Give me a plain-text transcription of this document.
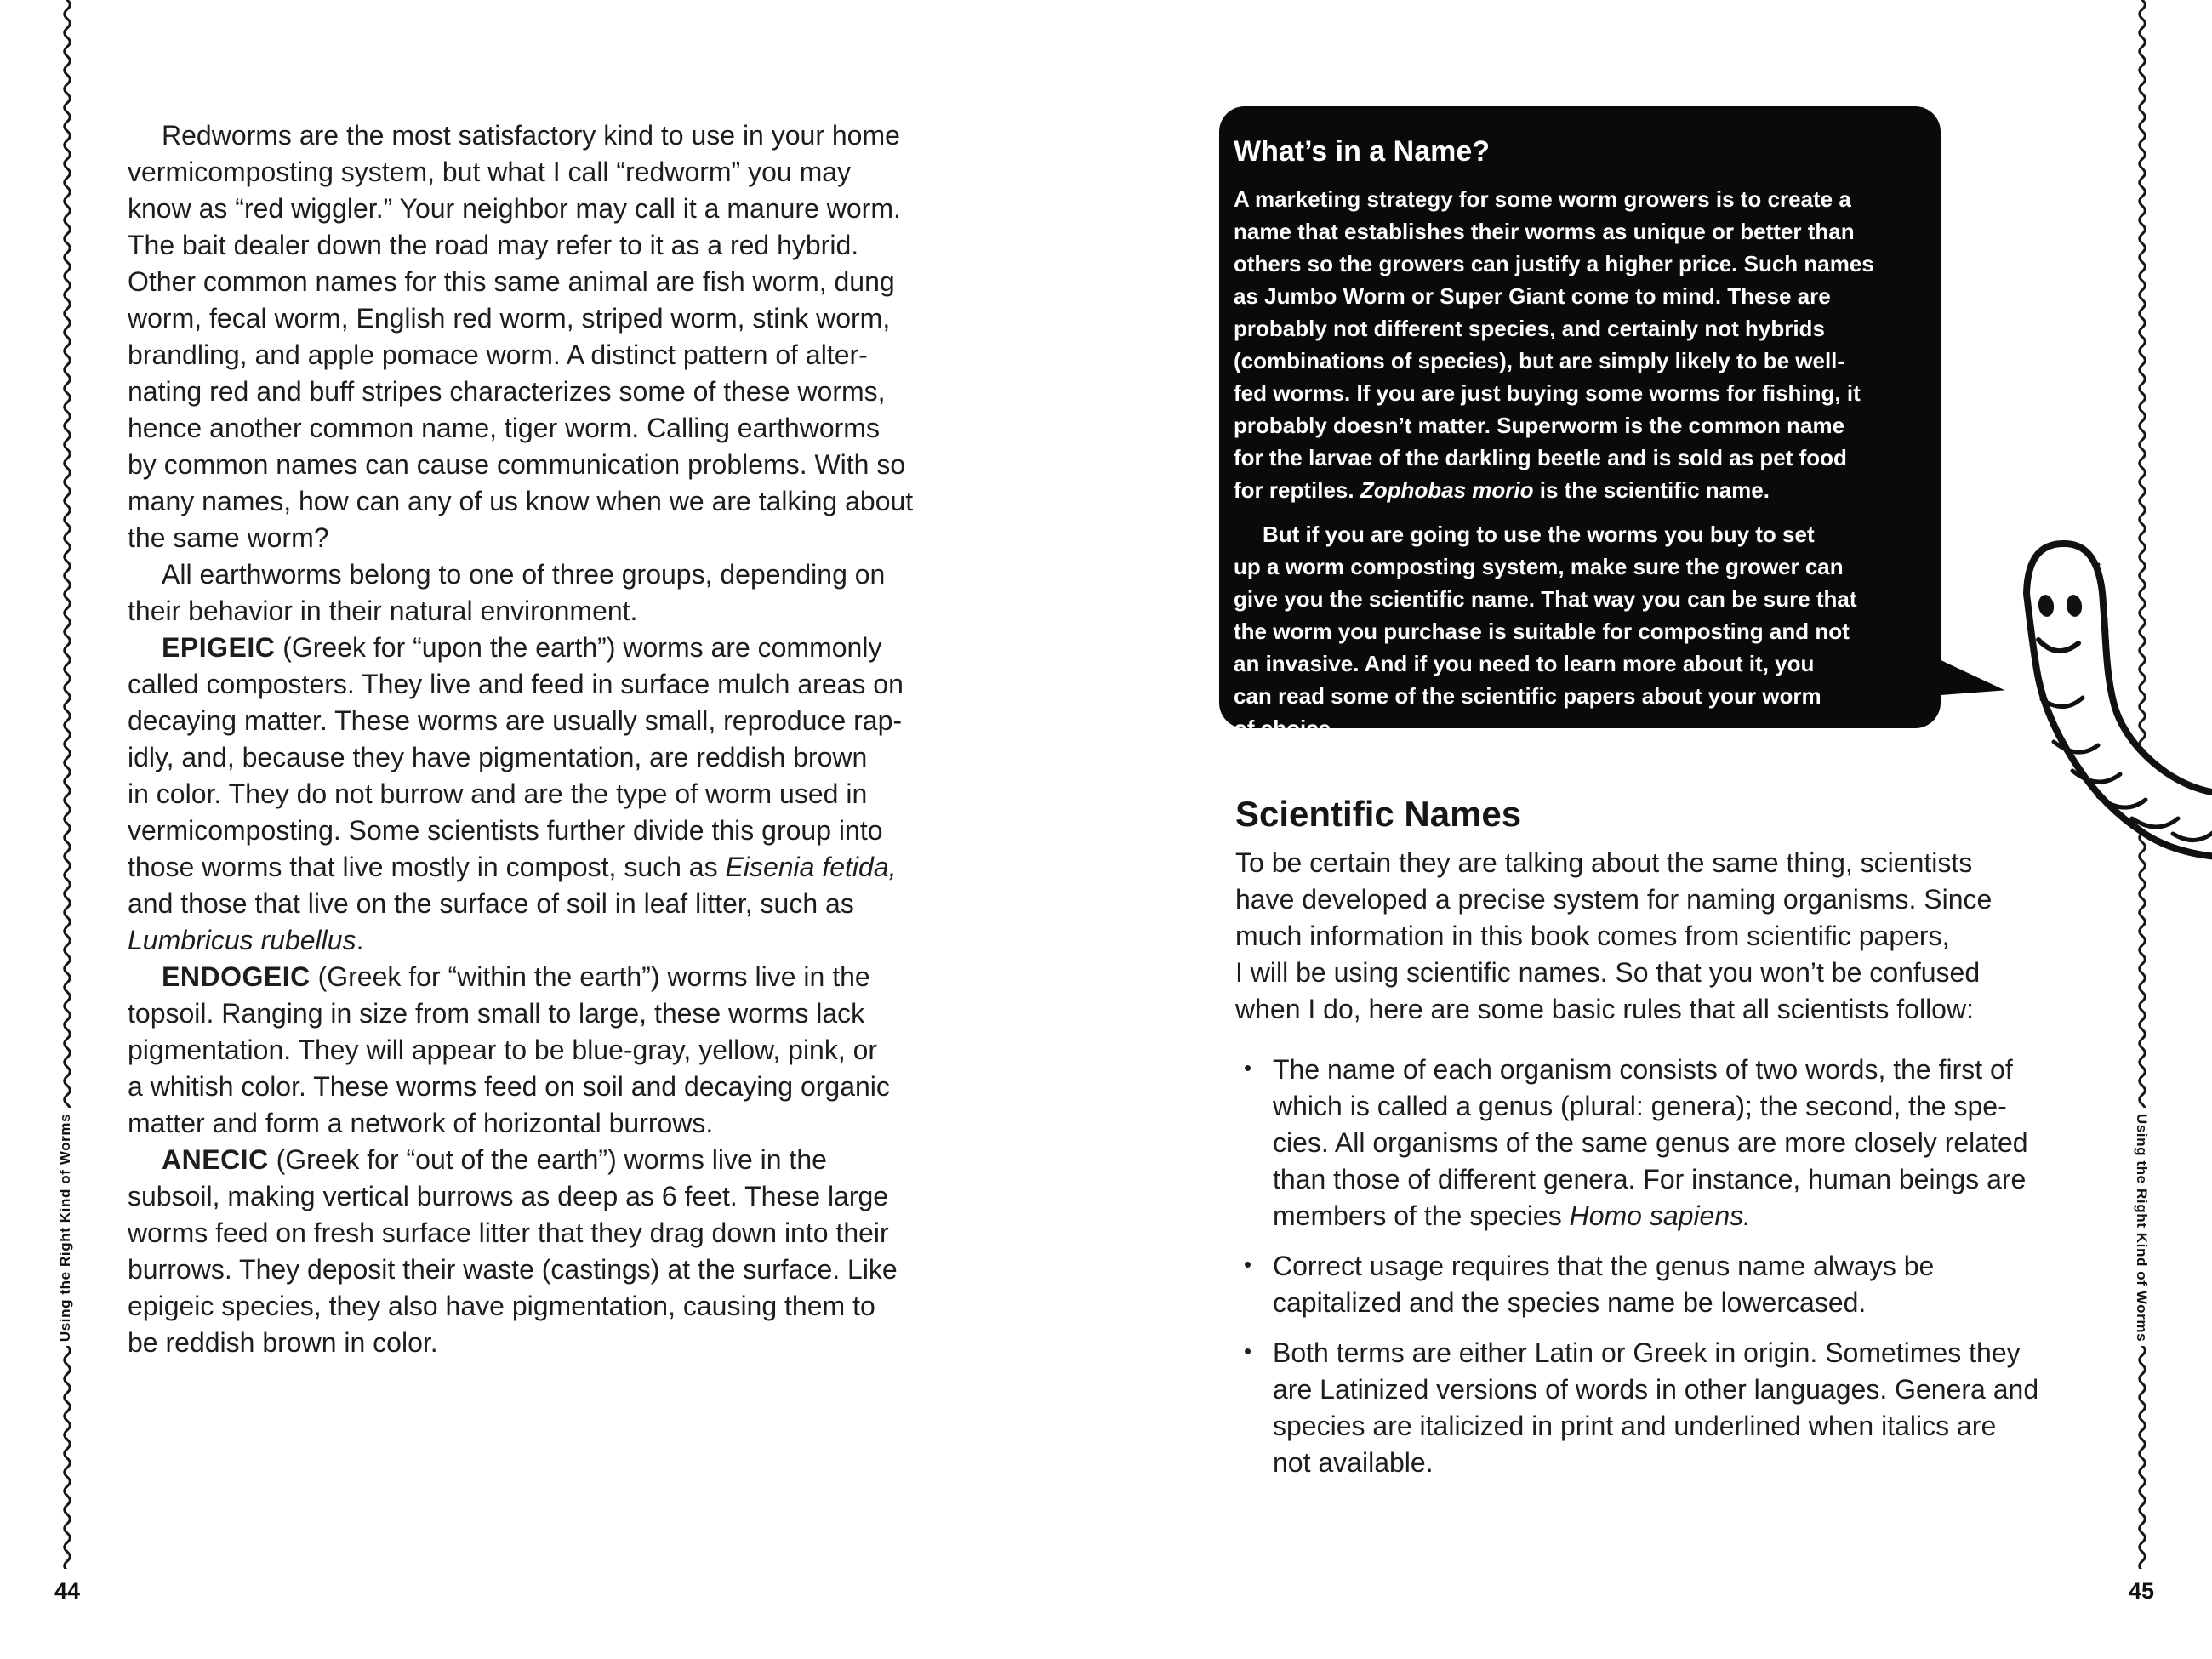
Using the Right Kind of Worms
44
Redworms are the most satisfactory kind to use in your home
vermicomposting system, but what I call “redworm” you may
know as “red wiggler.” Your neighbor may call it a manure worm.
The bait dealer down the road may refer to it as a red hybrid.
Other common names for this same animal are fish worm, dung
worm, fecal worm, English red worm, striped worm, stink worm,
brandling, and apple pomace worm. A distinct pattern of alter-
nating red and buff stripes characterizes some of these worms,
hence another common name, tiger worm. Calling earthworms
by common names can cause communication problems. With so
many names, how can any of us know when we are talking about
the same worm?
All earthworms belong to one of three groups, depending on
their behavior in their natural environment.
EPIGEIC (Greek for “upon the earth”) worms are commonly
called composters. They live and feed in surface mulch areas on
decaying matter. These worms are usually small, reproduce rap-
idly, and, because they have pigmentation, are reddish brown
in color. They do not burrow and are the type of worm used in
vermicomposting. Some scientists further divide this group into
those worms that live mostly in compost, such as Eisenia fetida,
and those that live on the surface of soil in leaf litter, such as
Lumbricus rubellus.
ENDOGEIC (Greek for “within the earth”) worms live in the
topsoil. Ranging in size from small to large, these worms lack
pigmentation. They will appear to be blue-gray, yellow, pink, or
a whitish color. These worms feed on soil and decaying organic
matter and form a network of horizontal burrows.
ANECIC (Greek for “out of the earth”) worms live in the
subsoil, making vertical burrows as deep as 6 feet. These large
worms feed on fresh surface litter that they drag down into their
burrows. They deposit their waste (castings) at the surface. Like
epigeic species, they also have pigmentation, causing them to
be reddish brown in color.
What’s in a Name?
A marketing strategy for some worm growers is to create a
name that establishes their worms as unique or better than
others so the growers can justify a higher price. Such names
as Jumbo Worm or Super Giant come to mind. These are
probably not different species, and certainly not hybrids
(combinations of species), but are simply likely to be well-
fed worms. If you are just buying some worms for fishing, it
probably doesn’t matter. Superworm is the common name
for the larvae of the darkling beetle and is sold as pet food
for reptiles. Zophobas morio is the scientific name.
But if you are going to use the worms you buy to set
up a worm composting system, make sure the grower can
give you the scientific name. That way you can be sure that
the worm you purchase is suitable for composting and not
an invasive. And if you need to learn more about it, you
can read some of the scientific papers about your worm
of choice.
Using the Right Kind of Worms
45
Scientific Names
To be certain they are talking about the same thing, scientists
have developed a precise system for naming organisms. Since
much information in this book comes from scientific papers,
I will be using scientific names. So that you won’t be confused
when I do, here are some basic rules that all scientists follow:
• The name of each organism consists of two words, the first of
which is called a genus (plural: genera); the second, the spe-
cies. All organisms of the same genus are more closely related
than those of different genera. For instance, human beings are
members of the species Homo sapiens.
• Correct usage requires that the genus name always be
capitalized and the species name be lowercased.
• Both terms are either Latin or Greek in origin. Sometimes they
are Latinized versions of words in other languages. Genera and
species are italicized in print and underlined when italics are
not available.
